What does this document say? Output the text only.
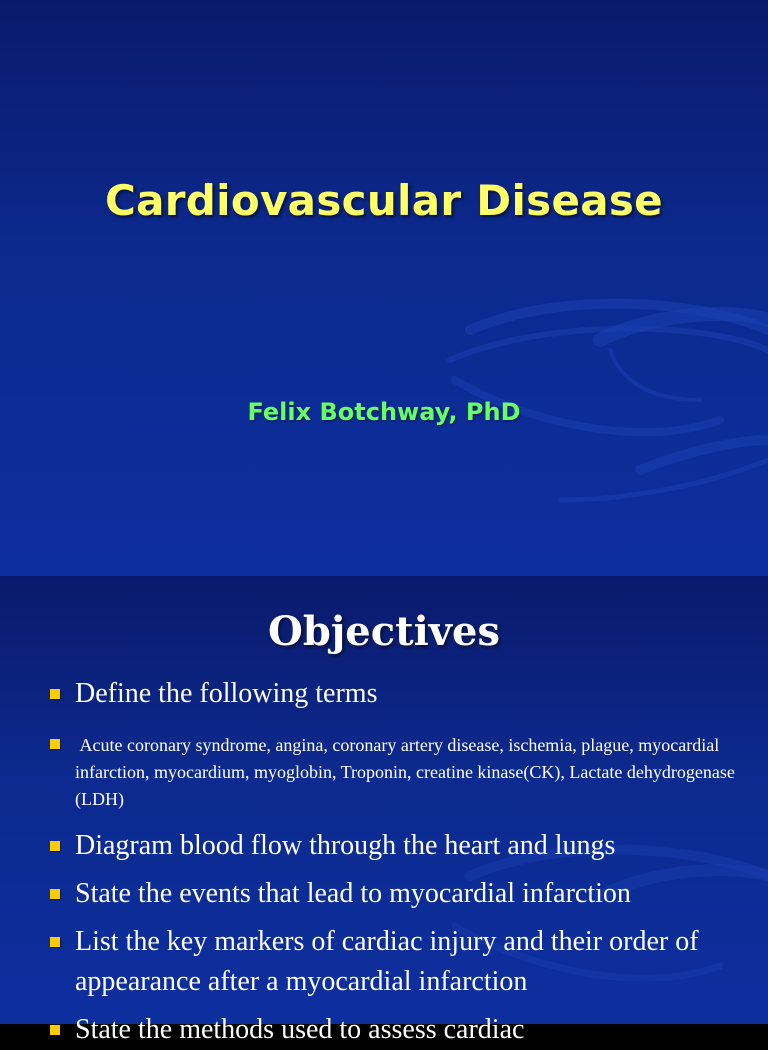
Cardiovascular Disease

Felix Botchway, PhD

Objectives
Define the following terms
Acute coronary syndrome, angina, coronary artery disease, ischemia, plague, myocardial infarction, myocardium, myoglobin, Troponin, creatine kinase(CK), Lactate dehydrogenase (LDH)
Diagram blood flow through the heart and lungs
State the events that lead to myocardial infarction
List the key markers of cardiac injury and their order of appearance after a myocardial infarction
State the methods used to assess cardiac
